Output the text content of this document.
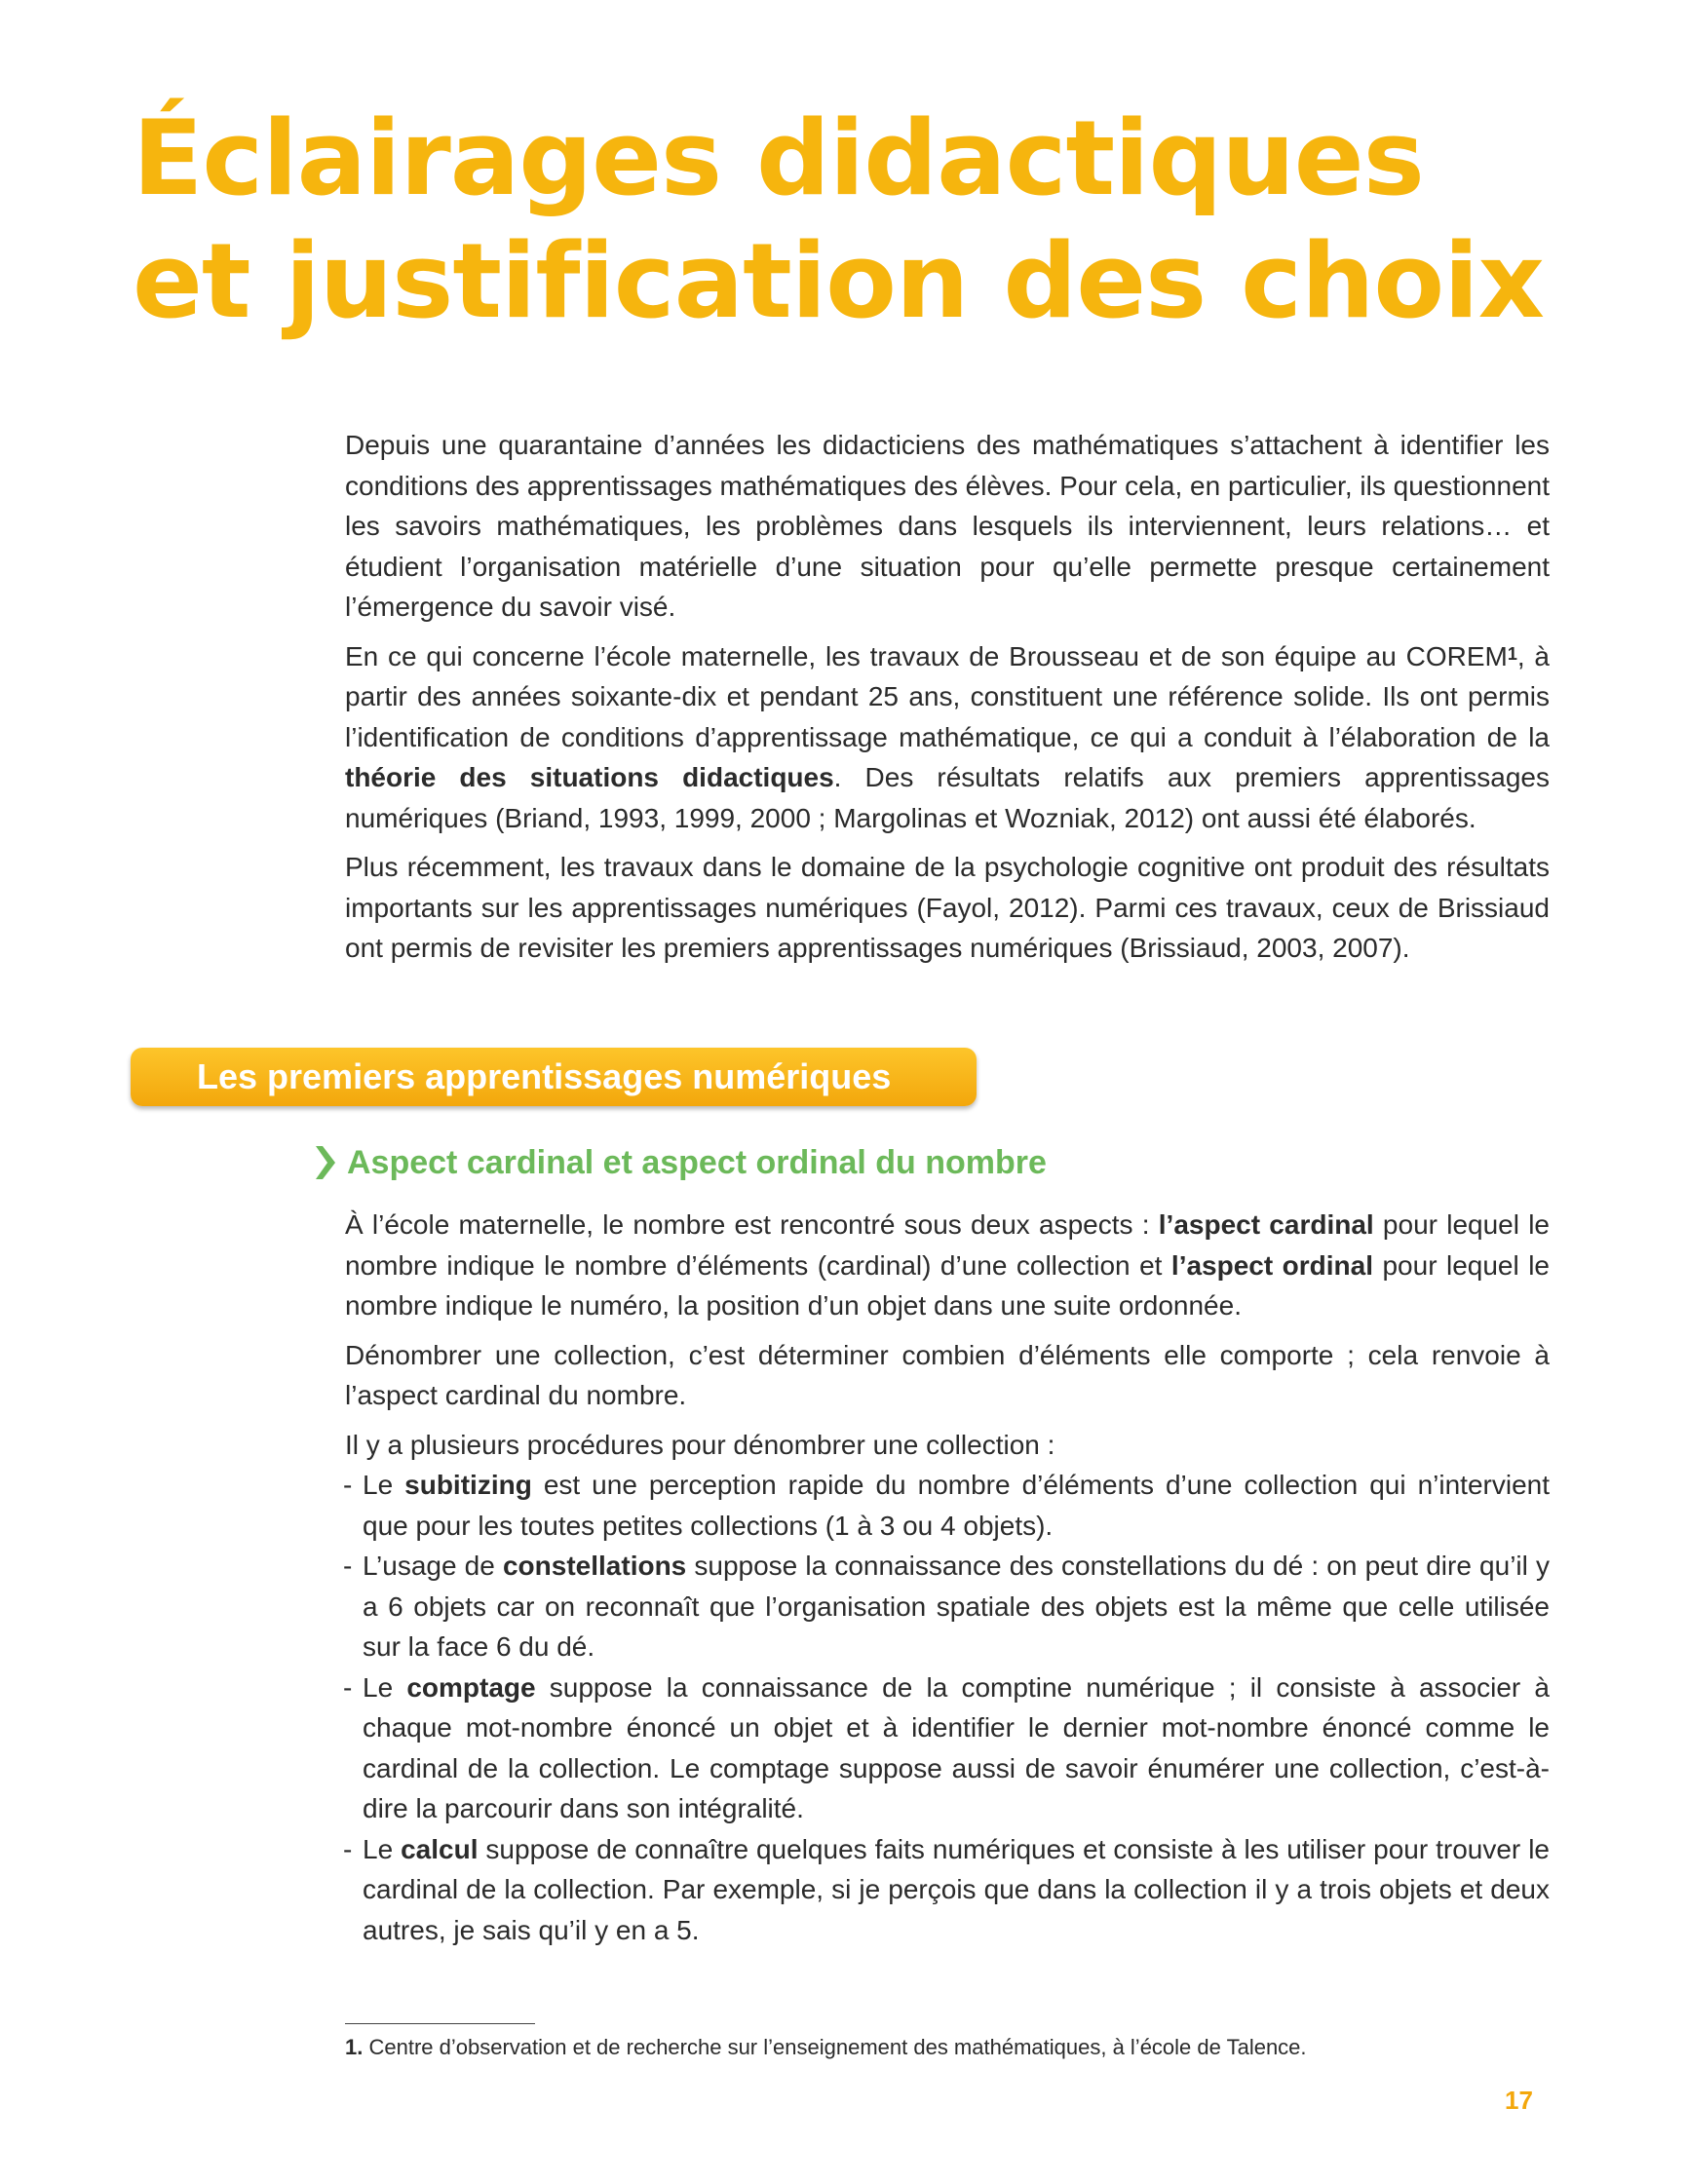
Éclairages didactiques
et justification des choix

Depuis une quarantaine d’années les didacticiens des mathématiques s’attachent à identifier les conditions des apprentissages mathématiques des élèves. Pour cela, en particulier, ils questionnent les savoirs mathématiques, les problèmes dans lesquels ils interviennent, leurs relations… et étudient l’organisation matérielle d’une situation pour qu’elle permette presque certainement l’émergence du savoir visé.

En ce qui concerne l’école maternelle, les travaux de Brousseau et de son équipe au COREM$^1$, à partir des années soixante-dix et pendant 25 ans, constituent une référence solide. Ils ont permis l’identification de conditions d’apprentissage mathématique, ce qui a conduit à l’élaboration de la théorie des situations didactiques. Des résultats relatifs aux premiers apprentissages numériques (Briand, 1993, 1999, 2000 ; Margolinas et Wozniak, 2012) ont aussi été élaborés.

Plus récemment, les travaux dans le domaine de la psychologie cognitive ont produit des résultats importants sur les apprentissages numériques (Fayol, 2012). Parmi ces travaux, ceux de Brissiaud ont permis de revisiter les premiers apprentissages numériques (Brissiaud, 2003, 2007).

Les premiers apprentissages numériques
Aspect cardinal et aspect ordinal du nombre

À l’école maternelle, le nombre est rencontré sous deux aspects : l’aspect cardinal pour lequel le nombre indique le nombre d’éléments (cardinal) d’une collection et l’aspect ordinal pour lequel le nombre indique le numéro, la position d’un objet dans une suite ordonnée.

Dénombrer une collection, c’est déterminer combien d’éléments elle comporte ; cela renvoie à l’aspect cardinal du nombre.

Il y a plusieurs procédures pour dénombrer une collection :

- Le subitizing est une perception rapide du nombre d’éléments d’une collection qui n’intervient que pour les toutes petites collections (1 à 3 ou 4 objets).
- L’usage de constellations suppose la connaissance des constellations du dé : on peut dire qu’il y a 6 objets car on reconnaît que l’organisation spatiale des objets est la même que celle utilisée sur la face 6 du dé.
- Le comptage suppose la connaissance de la comptine numérique ; il consiste à associer à chaque mot-nombre énoncé un objet et à identifier le dernier mot-nombre énoncé comme le cardinal de la collection. Le comptage suppose aussi de savoir énumérer une collection, c’est-à-dire la parcourir dans son intégralité.
- Le calcul suppose de connaître quelques faits numériques et consiste à les utiliser pour trouver le cardinal de la collection. Par exemple, si je perçois que dans la collection il y a trois objets et deux autres, je sais qu’il y en a 5.
1. Centre d’observation et de recherche sur l’enseignement des mathématiques, à l’école de Talence.
17
